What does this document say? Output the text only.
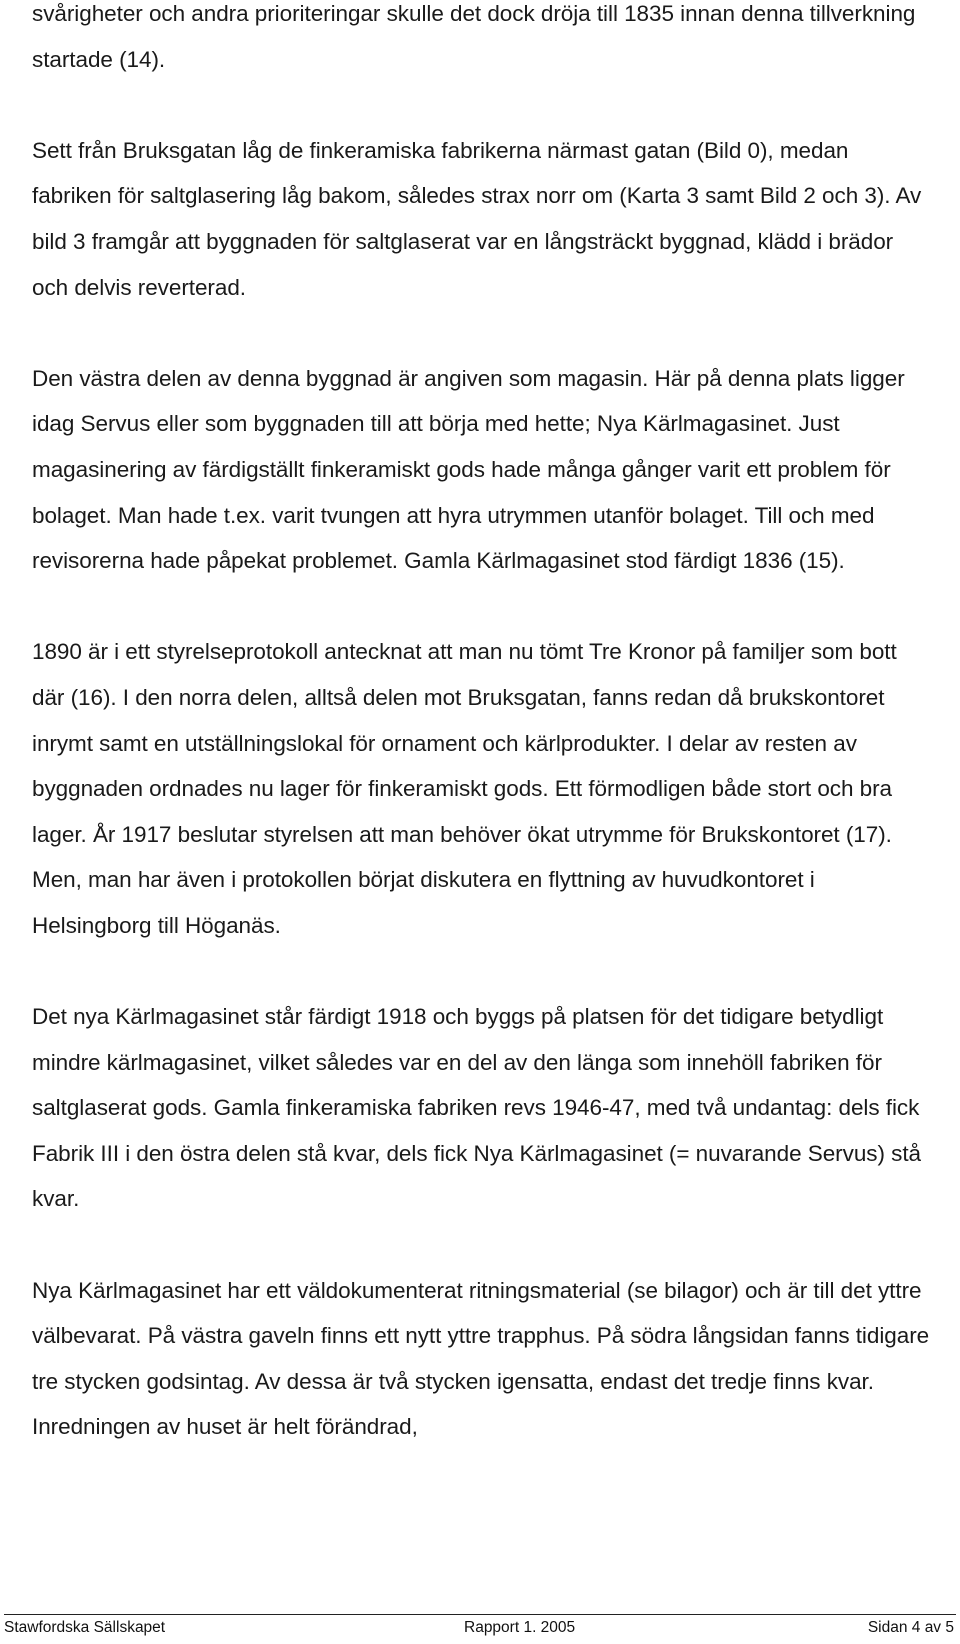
svårigheter och andra prioriteringar skulle det dock dröja till 1835 innan denna tillverkning startade (14).

Sett från Bruksgatan låg de finkeramiska fabrikerna närmast gatan (Bild 0), medan fabriken för saltglasering låg bakom, således strax norr om (Karta 3 samt Bild 2 och 3). Av bild 3 framgår att byggnaden för saltglaserat var en långsträckt byggnad, klädd i brädor och delvis reverterad.

Den västra delen av denna byggnad är angiven som magasin. Här på denna plats ligger idag Servus eller som byggnaden till att börja med hette; Nya Kärlmagasinet. Just magasinering av färdigställt finkeramiskt gods hade många gånger varit ett problem för bolaget. Man hade t.ex. varit tvungen att hyra utrymmen utanför bolaget. Till och med revisorerna hade påpekat problemet. Gamla Kärlmagasinet stod färdigt 1836 (15).

1890 är i ett styrelseprotokoll antecknat att man nu tömt Tre Kronor på familjer som bott där (16). I den norra delen, alltså delen mot Bruksgatan, fanns redan då brukskontoret inrymt samt en utställningslokal för ornament och kärlprodukter. I delar av resten av byggnaden ordnades nu lager för finkeramiskt gods. Ett förmodligen både stort och bra lager. År 1917 beslutar styrelsen att man behöver ökat utrymme för Brukskontoret (17). Men, man har även i protokollen börjat diskutera en flyttning av huvudkontoret i Helsingborg till Höganäs.

Det nya Kärlmagasinet står färdigt 1918 och byggs på platsen för det tidigare betydligt mindre kärlmagasinet, vilket således var en del av den länga som innehöll fabriken för saltglaserat gods. Gamla finkeramiska fabriken revs 1946-47, med två undantag: dels fick Fabrik III i den östra delen stå kvar, dels fick Nya Kärlmagasinet (= nuvarande Servus) stå kvar.

Nya Kärlmagasinet har ett väldokumenterat ritningsmaterial (se bilagor) och är till det yttre välbevarat. På västra gaveln finns ett nytt yttre trapphus. På södra långsidan fanns tidigare tre stycken godsintag. Av dessa är två stycken igensatta, endast det tredje finns kvar. Inredningen av huset är helt förändrad,

Stawfordska Sällskapet	Rapport 1. 2005	Sidan 4 av 5
